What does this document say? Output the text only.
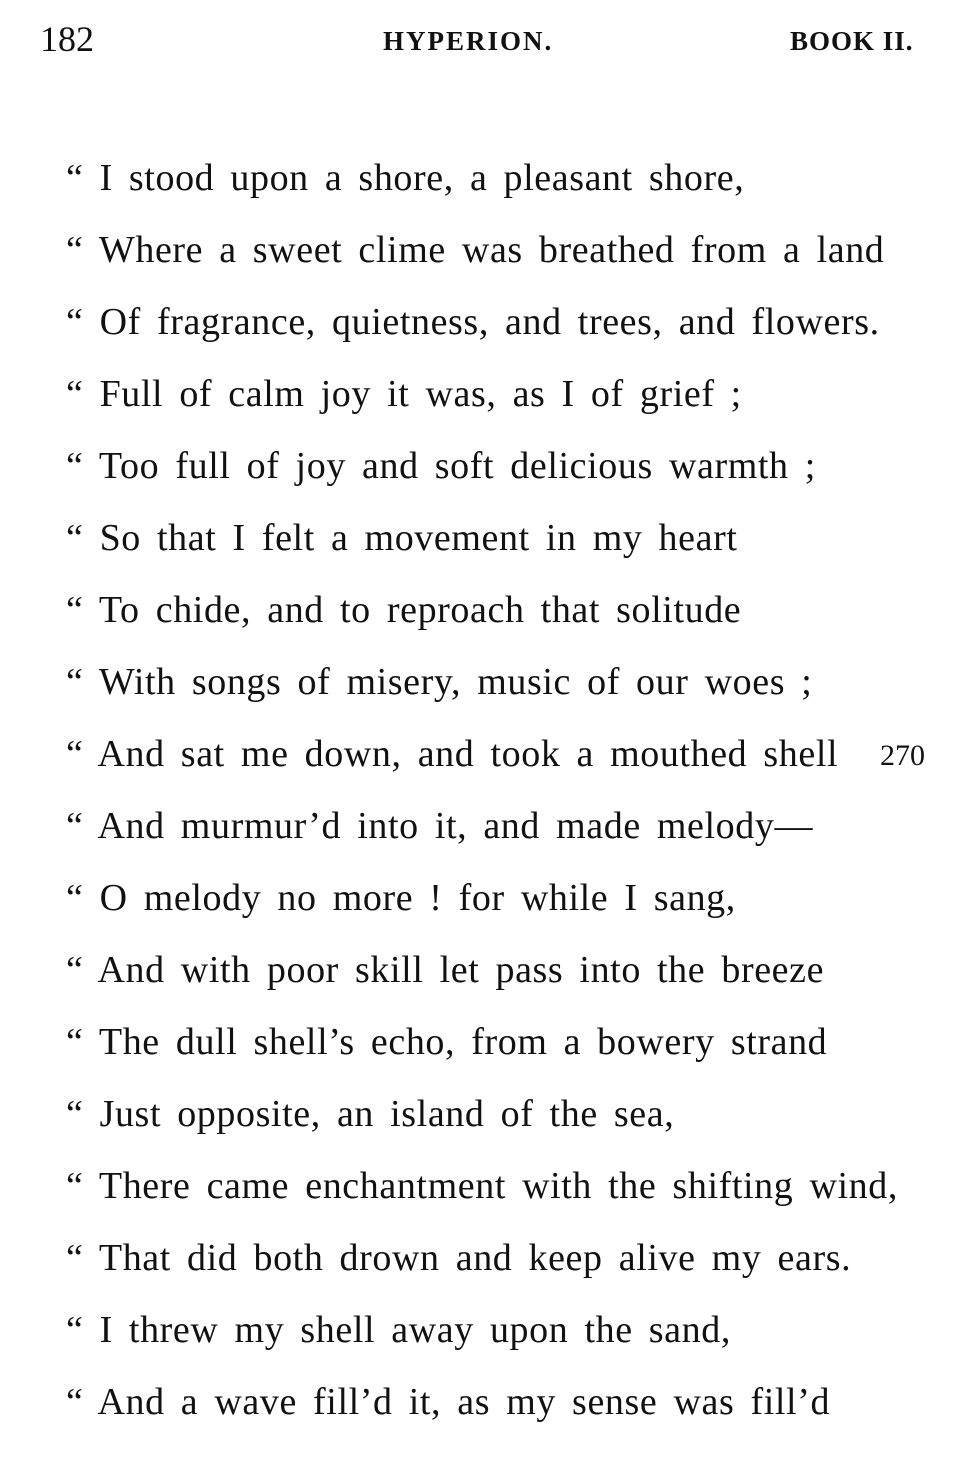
182	HYPERION.	BOOK II.
“ I stood upon a shore, a pleasant shore,
“ Where a sweet clime was breathed from a land
“ Of fragrance, quietness, and trees, and flowers.
“ Full of calm joy it was, as I of grief ;
“ Too full of joy and soft delicious warmth ;
“ So that I felt a movement in my heart
“ To chide, and to reproach that solitude
“ With songs of misery, music of our woes ;
“ And sat me down, and took a mouthed shell 270
“ And murmur’d into it, and made melody—
“ O melody no more ! for while I sang,
“ And with poor skill let pass into the breeze
“ The dull shell’s echo, from a bowery strand
“ Just opposite, an island of the sea,
“ There came enchantment with the shifting wind,
“ That did both drown and keep alive my ears.
“ I threw my shell away upon the sand,
“ And a wave fill’d it, as my sense was fill’d
